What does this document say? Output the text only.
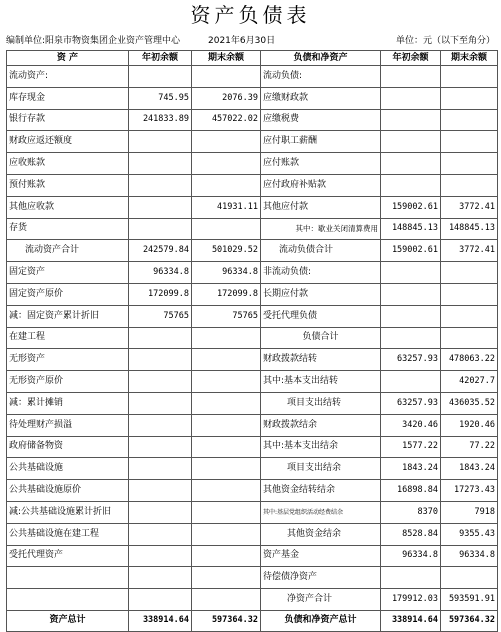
资产负债表
编制单位:阳泉市物资集团企业资产管理中心	2021年6月30日	单位：元（以下至角分）
资 产	年初余额	期末余额	负债和净资产	年初余额	期末余额
流动资产:			流动负债:		
库存现金	745.95	2076.39	应缴财政款		
银行存款	241833.89	457022.02	应缴税费		
财政应返还额度			应付职工薪酬		
应收账款			应付账款		
预付账款			应付政府补贴款		
其他应收款		41931.11	其他应付款	159002.61	3772.41
存货			其中：歇业关闭清算费用	148845.13	148845.13
流动资产合计	242579.84	501029.52	流动负债合计	159002.61	3772.41
固定资产	96334.8	96334.8	非流动负债:		
固定资产原价	172099.8	172099.8	长期应付款		
减：固定资产累计折旧	75765	75765	受托代理负债		
在建工程			负债合计		
无形资产			财政拨款结转	63257.93	478063.22
无形资产原价			其中:基本支出结转		42027.7
减：累计摊销			项目支出结转	63257.93	436035.52
待处理财产损溢			财政拨款结余	3420.46	1920.46
政府储备物资			其中:基本支出结余	1577.22	77.22
公共基础设施			项目支出结余	1843.24	1843.24
公共基础设施原价			其他资金结转结余	16898.84	17273.43
减:公共基础设施累计折旧			其中:基层党组织活动经费结余	8370	7918
公共基础设施在建工程			其他资金结余	8528.84	9355.43
受托代理资产			资产基金	96334.8	96334.8
			待偿债净资产		
			净资产合计	179912.03	593591.91
资产总计	338914.64	597364.32	负债和净资产总计	338914.64	597364.32
